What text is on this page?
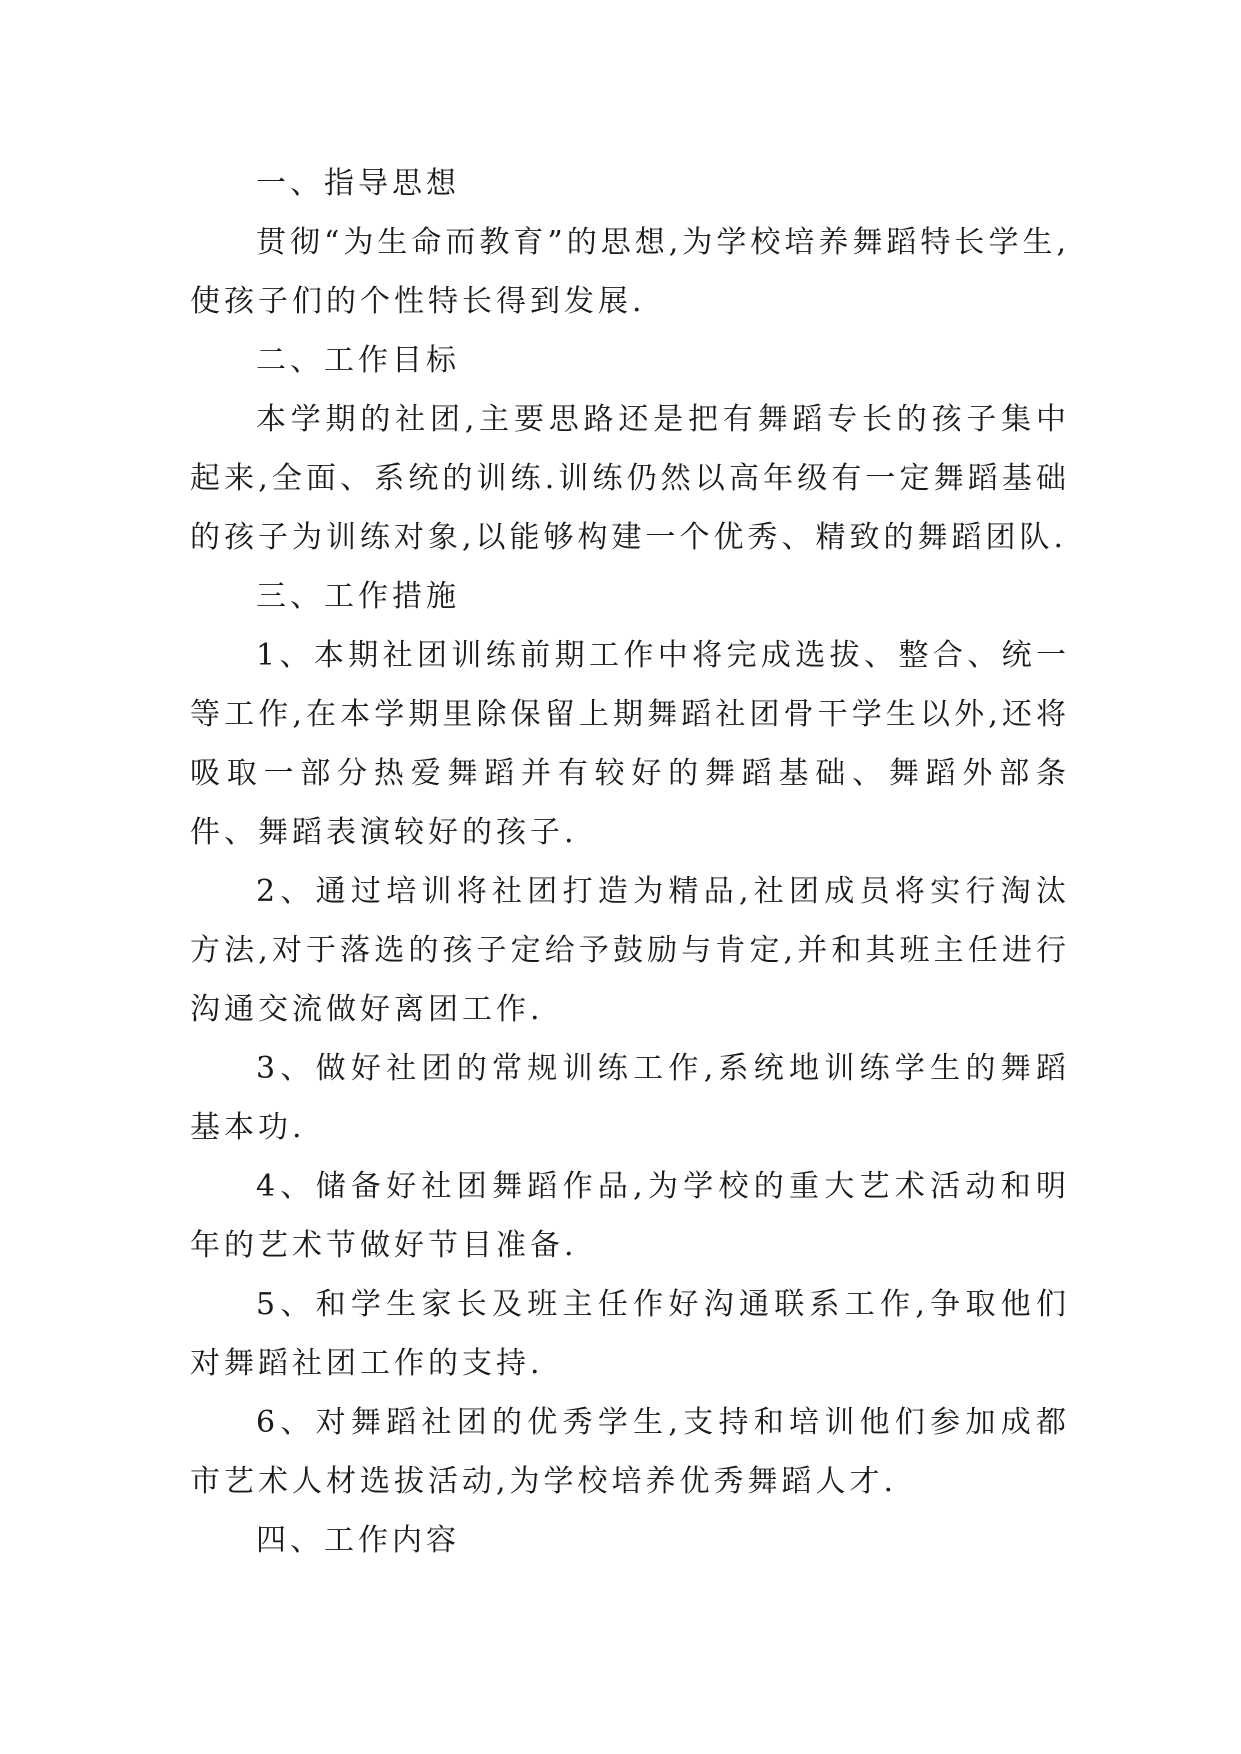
一、指导思想

贯彻“为生命而教育”的思想,为学校培养舞蹈特长学生,使孩子们的个性特长得到发展.

二、工作目标

本学期的社团,主要思路还是把有舞蹈专长的孩子集中起来,全面、系统的训练.训练仍然以高年级有一定舞蹈基础的孩子为训练对象,以能够构建一个优秀、精致的舞蹈团队.

三、工作措施

1、本期社团训练前期工作中将完成选拔、整合、统一等工作,在本学期里除保留上期舞蹈社团骨干学生以外,还将吸取一部分热爱舞蹈并有较好的舞蹈基础、舞蹈外部条件、舞蹈表演较好的孩子.

2、通过培训将社团打造为精品,社团成员将实行淘汰方法,对于落选的孩子定给予鼓励与肯定,并和其班主任进行沟通交流做好离团工作.

3、做好社团的常规训练工作,系统地训练学生的舞蹈基本功.

4、储备好社团舞蹈作品,为学校的重大艺术活动和明年的艺术节做好节目准备.

5、和学生家长及班主任作好沟通联系工作,争取他们对舞蹈社团工作的支持.

6、对舞蹈社团的优秀学生,支持和培训他们参加成都市艺术人材选拔活动,为学校培养优秀舞蹈人才.

四、工作内容
